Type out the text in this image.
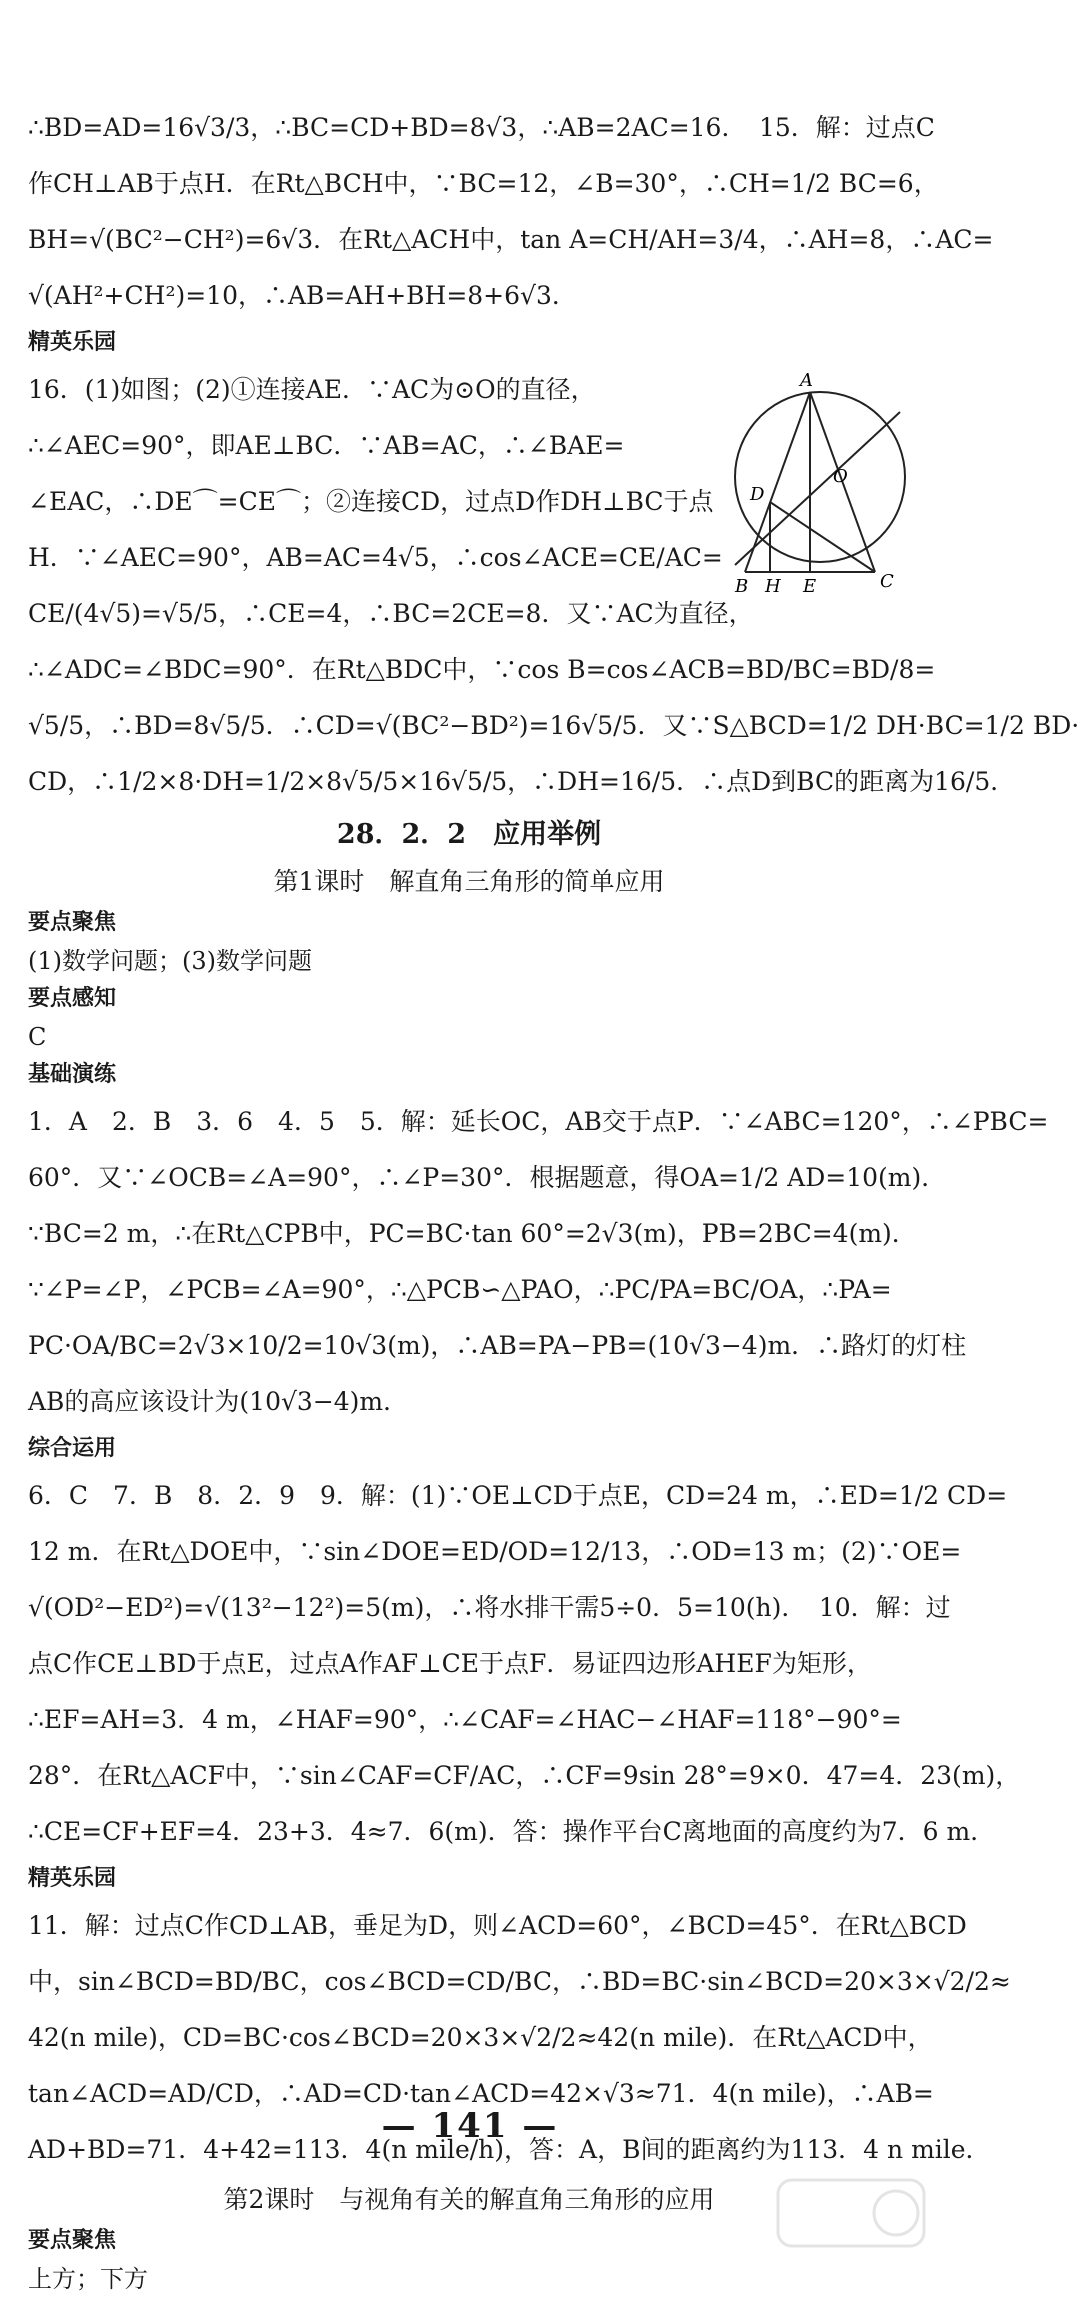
∴BD=AD=16√3/3，∴BC=CD+BD=8√3，∴AB=2AC=16．　15．解：过点C
作CH⊥AB于点H．在Rt△BCH中，∵BC=12，∠B=30°，∴CH=1/2 BC=6，
BH=√(BC²−CH²)=6√3．在Rt△ACH中，tan A=CH/AH=3/4，∴AH=8，∴AC=
√(AH²+CH²)=10，∴AB=AH+BH=8+6√3．
精英乐园
A
O
D
B H E	C
16．(1)如图；(2)①连接AE．∵AC为⊙O的直径，
∴∠AEC=90°，即AE⊥BC．∵AB=AC，∴∠BAE=
∠EAC，∴DE⌒=CE⌒；②连接CD，过点D作DH⊥BC于点
H．∵∠AEC=90°，AB=AC=4√5，∴cos∠ACE=CE/AC=
CE/(4√5)=√5/5，∴CE=4，∴BC=2CE=8．又∵AC为直径，
∴∠ADC=∠BDC=90°．在Rt△BDC中，∵cos B=cos∠ACB=BD/BC=BD/8=
√5/5，∴BD=8√5/5．∴CD=√(BC²−BD²)=16√5/5．又∵S△BCD=1/2 DH·BC=1/2 BD·
CD，∴1/2×8·DH=1/2×8√5/5×16√5/5，∴DH=16/5．∴点D到BC的距离为16/5．
28．2．2　应用举例
第1课时　解直角三角形的简单应用
要点聚焦
(1)数学问题；(3)数学问题
要点感知
C
基础演练
1．A　2．B　3．6　4．5　5．解：延长OC，AB交于点P．∵∠ABC=120°，∴∠PBC=
60°．又∵∠OCB=∠A=90°，∴∠P=30°．根据题意，得OA=1/2 AD=10(m)．
∵BC=2 m，∴在Rt△CPB中，PC=BC·tan 60°=2√3(m)，PB=2BC=4(m)．
∵∠P=∠P，∠PCB=∠A=90°，∴△PCB∽△PAO，∴PC/PA=BC/OA，∴PA=
PC·OA/BC=2√3×10/2=10√3(m)，∴AB=PA−PB=(10√3−4)m．∴路灯的灯柱
AB的高应该设计为(10√3−4)m．
综合运用
6．C　7．B　8．2．9　9．解：(1)∵OE⊥CD于点E，CD=24 m，∴ED=1/2 CD=
12 m．在Rt△DOE中，∵sin∠DOE=ED/OD=12/13，∴OD=13 m；(2)∵OE=
√(OD²−ED²)=√(13²−12²)=5(m)，∴将水排干需5÷0．5=10(h)．　10．解：过
点C作CE⊥BD于点E，过点A作AF⊥CE于点F．易证四边形AHEF为矩形，
∴EF=AH=3．4 m，∠HAF=90°，∴∠CAF=∠HAC−∠HAF=118°−90°=
28°．在Rt△ACF中，∵sin∠CAF=CF/AC，∴CF=9sin 28°=9×0．47=4．23(m)，
∴CE=CF+EF=4．23+3．4≈7．6(m)．答：操作平台C离地面的高度约为7．6 m．
精英乐园
11．解：过点C作CD⊥AB，垂足为D，则∠ACD=60°，∠BCD=45°．在Rt△BCD
中，sin∠BCD=BD/BC，cos∠BCD=CD/BC，∴BD=BC·sin∠BCD=20×3×√2/2≈
42(n mile)，CD=BC·cos∠BCD=20×3×√2/2≈42(n mile)．在Rt△ACD中，
tan∠ACD=AD/CD，∴AD=CD·tan∠ACD=42×√3≈71．4(n mile)，∴AB=
AD+BD=71．4+42=113．4(n mile/h)，答：A，B间的距离约为113．4 n mile．
第2课时　与视角有关的解直角三角形的应用
要点聚焦
上方；下方
— 141 —
